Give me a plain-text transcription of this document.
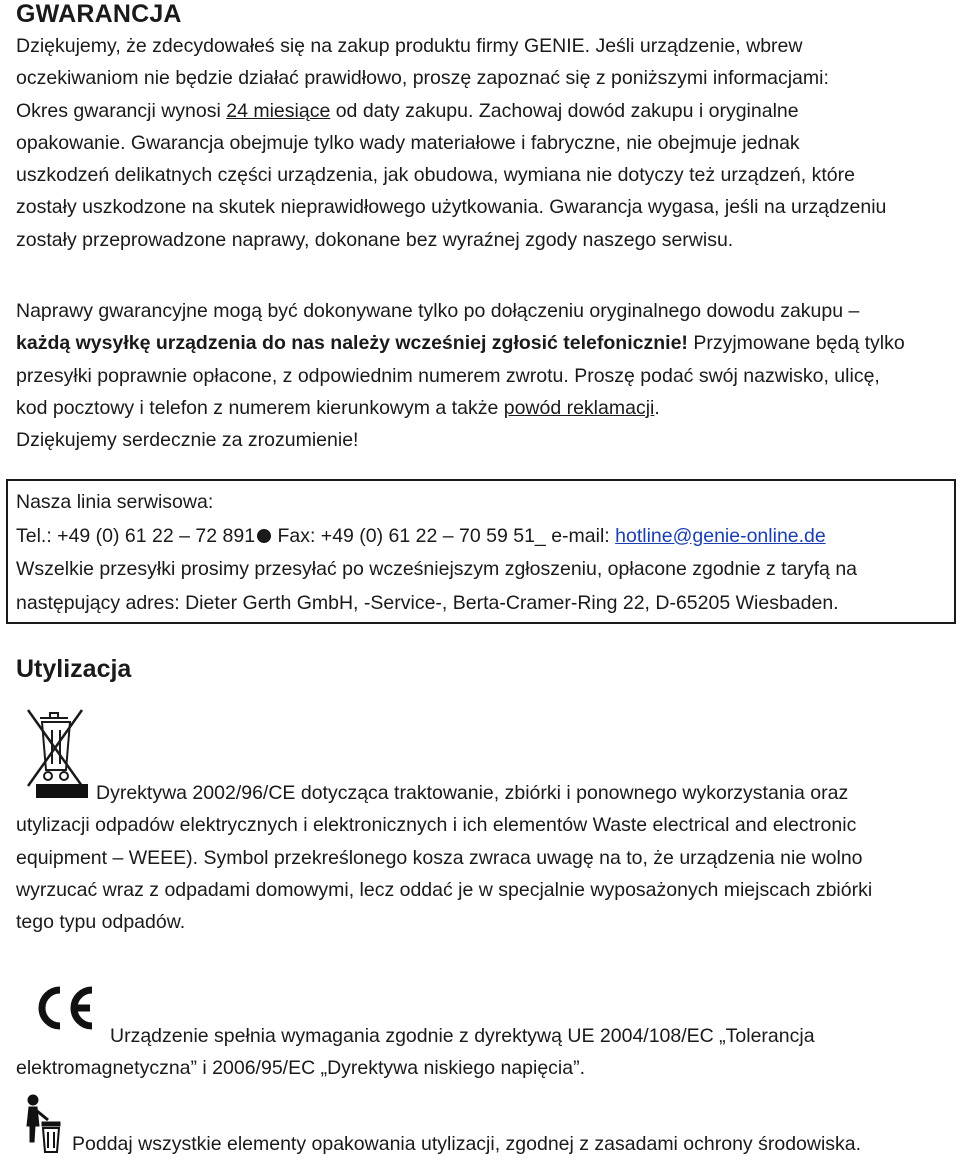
GWARANCJA
Dziękujemy, że zdecydowałeś się na zakup produktu firmy GENIE. Jeśli urządzenie, wbrew
oczekiwaniom nie będzie działać prawidłowo, proszę zapoznać się z poniższymi informacjami:
Okres gwarancji wynosi 24 miesiące od daty zakupu. Zachowaj dowód zakupu i oryginalne
opakowanie. Gwarancja obejmuje tylko wady materiałowe i fabryczne, nie obejmuje jednak
uszkodzeń delikatnych części urządzenia, jak obudowa, wymiana nie dotyczy też urządzeń, które
zostały uszkodzone na skutek nieprawidłowego użytkowania. Gwarancja wygasa, jeśli na urządzeniu
zostały przeprowadzone naprawy, dokonane bez wyraźnej zgody naszego serwisu.
Naprawy gwarancyjne mogą być dokonywane tylko po dołączeniu oryginalnego dowodu zakupu –
każdą wysyłkę urządzenia do nas należy wcześniej zgłosić telefonicznie! Przyjmowane będą tylko
przesyłki poprawnie opłacone, z odpowiednim numerem zwrotu. Proszę podać swój nazwisko, ulicę,
kod pocztowy i telefon z numerem kierunkowym a także powód reklamacji.
Dziękujemy serdecznie za zrozumienie!
Nasza linia serwisowa:
Tel.: +49 (0) 61 22 – 72 891 Fax: +49 (0) 61 22 – 70 59 51_ e-mail: hotline@genie-online.de
Wszelkie przesyłki prosimy przesyłać po wcześniejszym zgłoszeniu, opłacone zgodnie z taryfą na
następujący adres: Dieter Gerth GmbH, -Service-, Berta-Cramer-Ring 22, D-65205 Wiesbaden.
Utylizacja
Dyrektywa 2002/96/CE dotycząca traktowanie, zbiórki i ponownego wykorzystania oraz
utylizacji odpadów elektrycznych i elektronicznych i ich elementów Waste electrical and electronic
equipment – WEEE). Symbol przekreślonego kosza zwraca uwagę na to, że urządzenia nie wolno
wyrzucać wraz z odpadami domowymi, lecz oddać je w specjalnie wyposażonych miejscach zbiórki
tego typu odpadów.
Urządzenie spełnia wymagania zgodnie z dyrektywą UE 2004/108/EC „Tolerancja
elektromagnetyczna” i 2006/95/EC „Dyrektywa niskiego napięcia”.
Poddaj wszystkie elementy opakowania utylizacji, zgodnej z zasadami ochrony środowiska.
